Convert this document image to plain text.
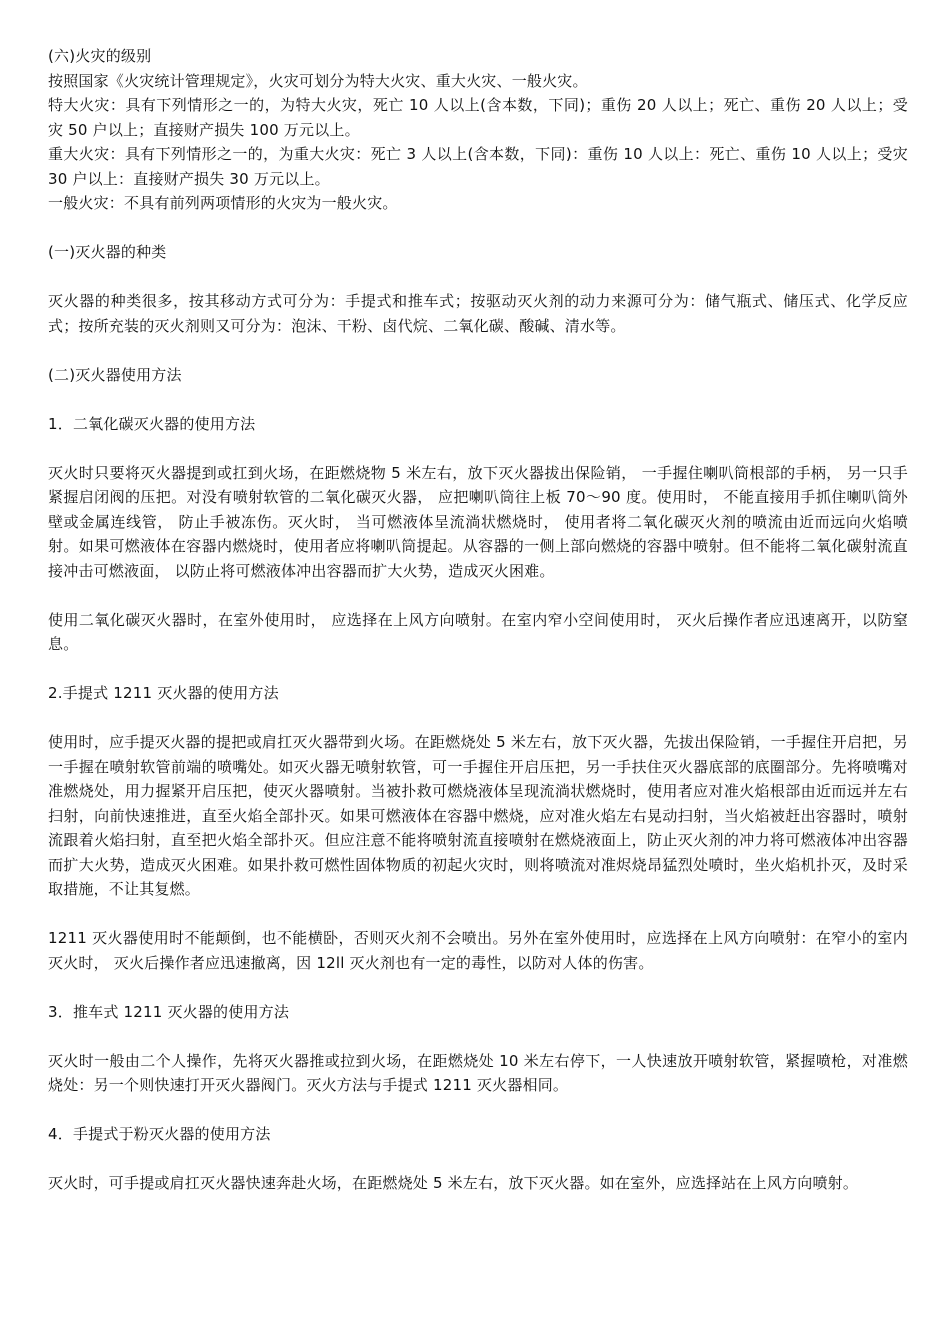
(六)火灾的级别

按照国家《火灾统计管理规定》，火灾可划分为特大火灾、重大火灾、一般火灾。

特大火灾：具有下列情形之一的，为特大火灾，死亡 10 人以上(含本数，下同)；重伤 20 人以上；死亡、重伤 20 人以上；受灾 50 户以上；直接财产损失 100 万元以上。

重大火灾：具有下列情形之一的，为重大火灾：死亡 3 人以上(含本数，下同)：重伤 10 人以上：死亡、重伤 10 人以上；受灾 30 户以上：直接财产损失 30 万元以上。

一般火灾：不具有前列两项情形的火灾为一般火灾。

(一)灭火器的种类

灭火器的种类很多，按其移动方式可分为：手提式和推车式；按驱动灭火剂的动力来源可分为：储气瓶式、储压式、化学反应式；按所充装的灭火剂则又可分为：泡沫、干粉、卤代烷、二氧化碳、酸碱、清水等。

(二)灭火器使用方法

1．二氧化碳灭火器的使用方法

灭火时只要将灭火器提到或扛到火场，在距燃烧物 5 米左右，放下灭火器拔出保险销， 一手握住喇叭筒根部的手柄， 另一只手紧握启闭阀的压把。对没有喷射软管的二氧化碳灭火器， 应把喇叭筒往上板 70～90 度。使用时， 不能直接用手抓住喇叭筒外壁或金属连线管， 防止手被冻伤。灭火时， 当可燃液体呈流淌状燃烧时， 使用者将二氧化碳灭火剂的喷流由近而远向火焰喷射。如果可燃液体在容器内燃烧时，使用者应将喇叭筒提起。从容器的一侧上部向燃烧的容器中喷射。但不能将二氧化碳射流直接冲击可燃液面， 以防止将可燃液体冲出容器而扩大火势，造成灭火困难。

使用二氧化碳灭火器时，在室外使用时， 应选择在上风方向喷射。在室内窄小空间使用时， 灭火后操作者应迅速离开，以防窒息。

2.手提式 1211 灭火器的使用方法

使用时，应手提灭火器的提把或肩扛灭火器带到火场。在距燃烧处 5 米左右，放下灭火器，先拔出保险销，一手握住开启把，另一手握在喷射软管前端的喷嘴处。如灭火器无喷射软管，可一手握住开启压把，另一手扶住灭火器底部的底圈部分。先将喷嘴对准燃烧处，用力握紧开启压把，使灭火器喷射。当被扑救可燃烧液体呈现流淌状燃烧时，使用者应对准火焰根部由近而远并左右扫射，向前快速推进，直至火焰全部扑灭。如果可燃液体在容器中燃烧，应对准火焰左右晃动扫射，当火焰被赶出容器时，喷射流跟着火焰扫射，直至把火焰全部扑灭。但应注意不能将喷射流直接喷射在燃烧液面上，防止灭火剂的冲力将可燃液体冲出容器而扩大火势，造成灭火困难。如果扑救可燃性固体物质的初起火灾时，则将喷流对准烬烧昂猛烈处喷时，坐火焰机扑灭，及时采取措施，不让其复燃。

1211 灭火器使用时不能颠倒，也不能横卧，否则灭火剂不会喷出。另外在室外使用时，应选择在上风方向喷射：在窄小的室内灭火时， 灭火后操作者应迅速撤离，因 12ll 灭火剂也有一定的毒性，以防对人体的伤害。

3．推车式 1211 灭火器的使用方法

灭火时一般由二个人操作，先将灭火器推或拉到火场，在距燃烧处 10 米左右停下，一人快速放开喷射软管，紧握喷枪，对准燃烧处：另一个则快速打开灭火器阀门。灭火方法与手提式 1211 灭火器相同。

4．手提式于粉灭火器的使用方法

灭火时，可手提或肩扛灭火器快速奔赴火场，在距燃烧处 5 米左右，放下灭火器。如在室外，应选择站在上风方向喷射。
